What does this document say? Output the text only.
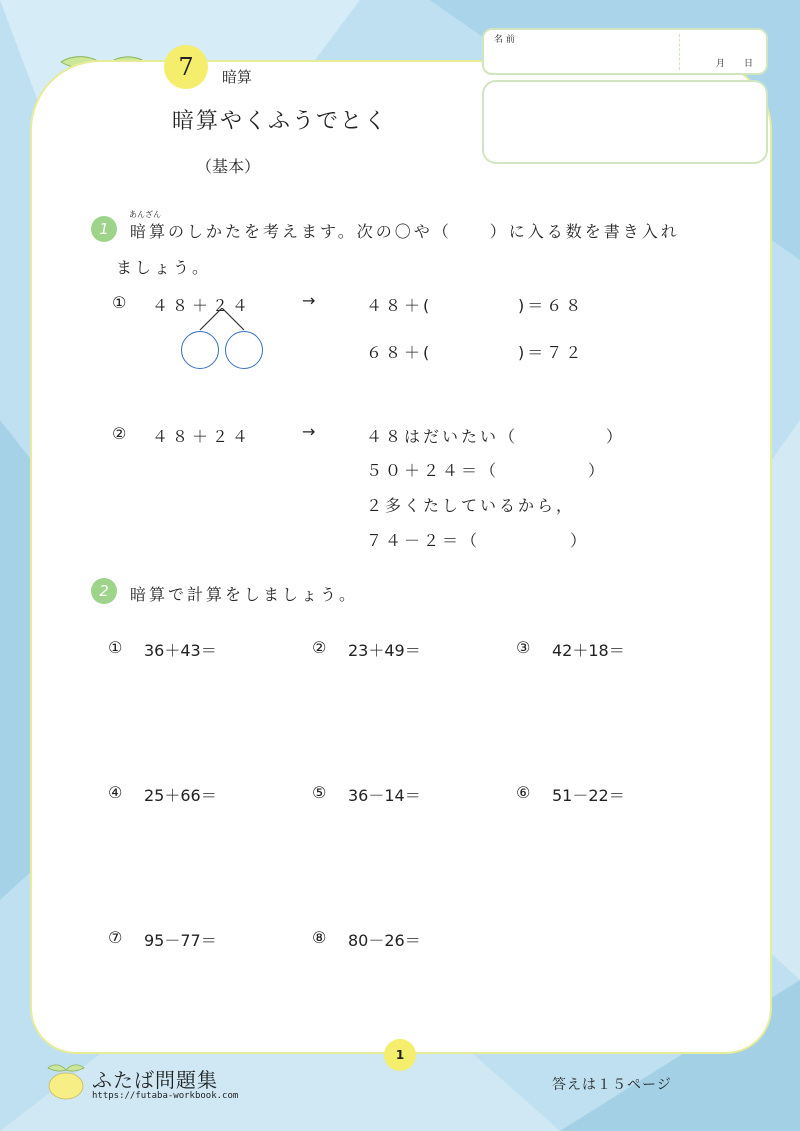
7	暗算
暗算やくふうでとく
（基本）
名 前
月 日
1
あんざん
暗算のしかたを考えます。次の〇や（　　）に入る数を書き入れ
ましょう。
① ４８＋２４	→	４８＋(	)＝６８
６８＋(	)＝７２
② ４８＋２４	→	４８はだいたい（	）
５０＋２４＝（	）
２多くたしているから，
７４－２＝（	）
2	暗算で計算をしましょう。
① 36＋43＝	② 23＋49＝	③ 42＋18＝
④ 25＋66＝	⑤ 36－14＝	⑥ 51－22＝
⑦ 95－77＝	⑧ 80－26＝
1
ふたば問題集
https://futaba-workbook.com
答えは１５ページ
